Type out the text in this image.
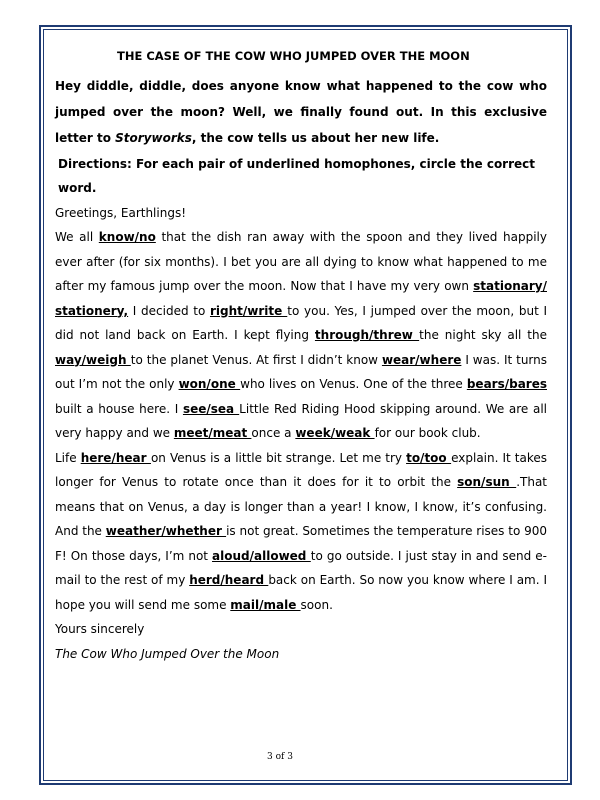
THE CASE OF THE COW WHO JUMPED OVER THE MOON
Hey diddle, diddle, does anyone know what happened to the cow who jumped over the moon? Well, we finally found out. In this exclusive letter to Storyworks, the cow tells us about her new life.
Directions: For each pair of underlined homophones, circle the correct word.
Greetings, Earthlings!
We all know/no that the dish ran away with the spoon and they lived happily ever after (for six months). I bet you are all dying to know what happened to me after my famous jump over the moon. Now that I have my very own stationary/ stationery, I decided to right/write to you. Yes, I jumped over the moon, but I did not land back on Earth. I kept flying through/threw the night sky all the way/weigh to the planet Venus. At first I didn’t know wear/where I was. It turns out I’m not the only won/one who lives on Venus. One of the three bears/bares built a house here. I see/sea Little Red Riding Hood skipping around. We are all very happy and we meet/meat once a week/weak for our book club.
Life here/hear on Venus is a little bit strange. Let me try to/too explain. It takes longer for Venus to rotate once than it does for it to orbit the son/sun .That means that on Venus, a day is longer than a year! I know, I know, it’s confusing. And the weather/whether is not great. Sometimes the temperature rises to 900 F! On those days, I’m not aloud/allowed to go outside. I just stay in and send e-mail to the rest of my herd/heard back on Earth. So now you know where I am. I hope you will send me some mail/male soon.
Yours sincerely
The Cow Who Jumped Over the Moon
3 of 3
